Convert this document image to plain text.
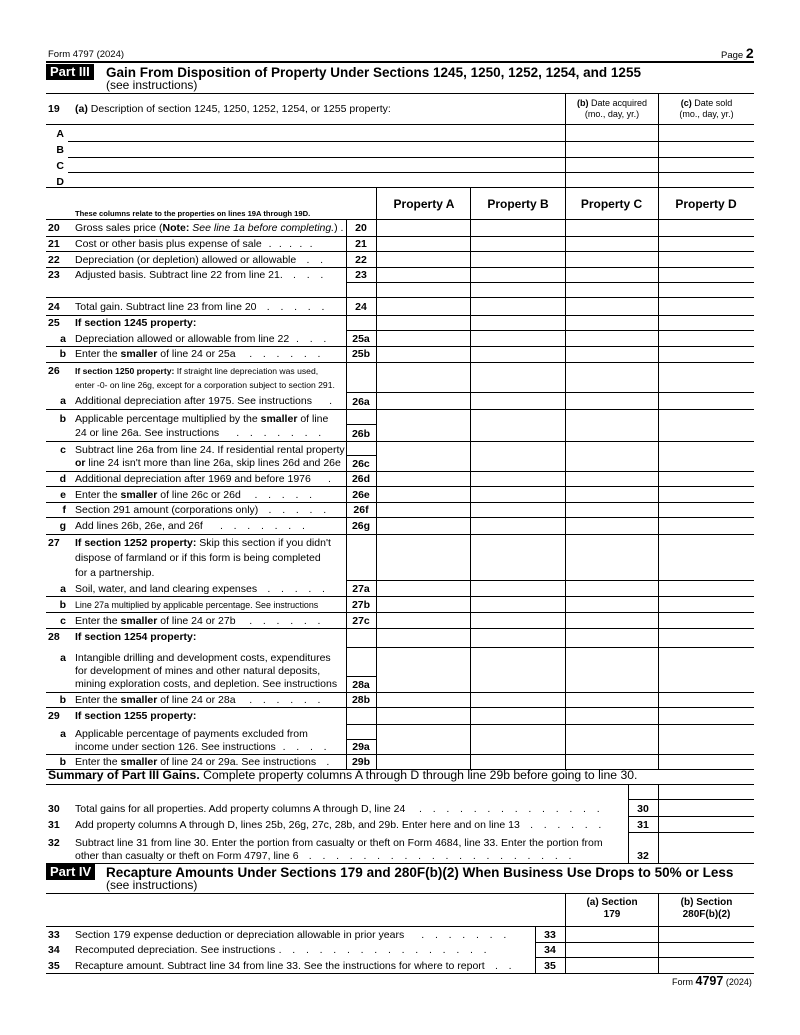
Form 4797 (2024)	Page 2
Part III Gain From Disposition of Property Under Sections 1245, 1250, 1252, 1254, and 1255
(see instructions)
19 (a) Description of section 1245, 1250, 1252, 1254, or 1255 property:	(b) Date acquired
(mo., day, yr.)
(c) Date sold
(mo., day, yr.)
A
B
C
D
These columns relate to the properties on lines 19A through 19D.
Property A	Property B	Property C	Property D
20 Gross sales price (Note: See line 1a before completing.) .	20
21 Cost or other basis plus expense of sale  .  .  .  .  .	21
22 Depreciation (or depletion) allowed or allowable   .   .	22
23 Adjusted basis. Subtract line 22 from line 21.   .   .   .	23
24 Total gain. Subtract line 23 from line 20   .   .   .   .   .	24
25 If section 1245 property:
a Depreciation allowed or allowable from line 22  .   .   .	25a
b Enter the smaller of line 24 or 25a    .   .   .   .   .   .	25b
26 If section 1250 property: If straight line depreciation was used,
enter -0- on line 26g, except for a corporation subject to section 291.
a Additional depreciation after 1975. See instructions     .	26a
b Applicable percentage multiplied by the smaller of line
24 or line 26a. See instructions     .   .   .   .   .   .   .	26b
c Subtract line 26a from line 24. If residential rental property
or line 24 isn't more than line 26a, skip lines 26d and 26e	26c
d Additional depreciation after 1969 and before 1976     .	26d
e Enter the smaller of line 26c or 26d    .   .   .   .   .	26e
f Section 291 amount (corporations only)   .   .   .   .   .	26f
g Add lines 26b, 26e, and 26f     .   .   .   .   .   .   .	26g
27 If section 1252 property: Skip this section if you didn't
dispose of farmland or if this form is being completed
for a partnership.
a Soil, water, and land clearing expenses   .   .   .   .   .	27a
b Line 27a multiplied by applicable percentage. See instructions	27b
c Enter the smaller of line 24 or 27b    .   .   .   .   .   .	27c
28 If section 1254 property:
a Intangible drilling and development costs, expenditures
for development of mines and other natural deposits,
mining exploration costs, and depletion. See instructions	28a
b Enter the smaller of line 24 or 28a    .   .   .   .   .   .	28b
29 If section 1255 property:
a Applicable percentage of payments excluded from
income under section 126. See instructions  .   .   .   .	29a
b Enter the smaller of line 24 or 29a. See instructions   .	29b
Summary of Part III Gains. Complete property columns A through D through line 29b before going to line 30.
30 Total gains for all properties. Add property columns A through D, line 24    .   .   .   .   .   .   .   .   .   .   .   .   .   .	30
31 Add property columns A through D, lines 25b, 26g, 27c, 28b, and 29b. Enter here and on line 13   .   .   .   .   .   .	31
32 Subtract line 31 from line 30. Enter the portion from casualty or theft on Form 4684, line 33. Enter the portion from
other than casualty or theft on Form 4797, line 6   .   .   .   .   .   .   .   .   .   .   .   .   .   .   .   .   .   .   .   .	32
Part IV Recapture Amounts Under Sections 179 and 280F(b)(2) When Business Use Drops to 50% or Less
(see instructions)
(a) Section
179
(b) Section
280F(b)(2)
33 Section 179 expense deduction or depreciation allowable in prior years     .   .   .   .   .   .   .	33
34 Recomputed depreciation. See instructions .   .   .   .   .   .   .   .   .   .   .   .   .   .   .   .	34
35 Recapture amount. Subtract line 34 from line 33. See the instructions for where to report   .   .	35
Form 4797 (2024)
